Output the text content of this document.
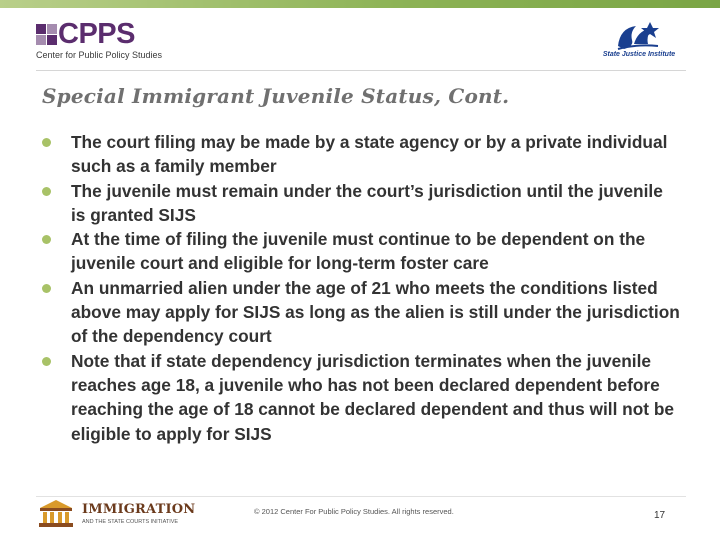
CPPS
Center for Public Policy Studies	State Justice Institute
Special Immigrant Juvenile Status, Cont.
The court filing may be made by a state agency or by a private individual such as a family member
The juvenile must remain under the court’s jurisdiction until the juvenile is granted SIJS
At the time of filing the juvenile must continue to be dependent on the juvenile court and eligible for long-term foster care
An unmarried alien under the age of 21 who meets the conditions listed above may apply for SIJS as long as the alien is still under the jurisdiction of the dependency court
Note that if state dependency jurisdiction terminates when the juvenile reaches age 18, a juvenile who has not been declared dependent before reaching the age of 18 cannot be declared dependent and thus will not be eligible to apply for SIJS
IMMIGRATION
AND THE STATE COURTS INITIATIVE
© 2012 Center For Public Policy Studies. All rights reserved.	17
